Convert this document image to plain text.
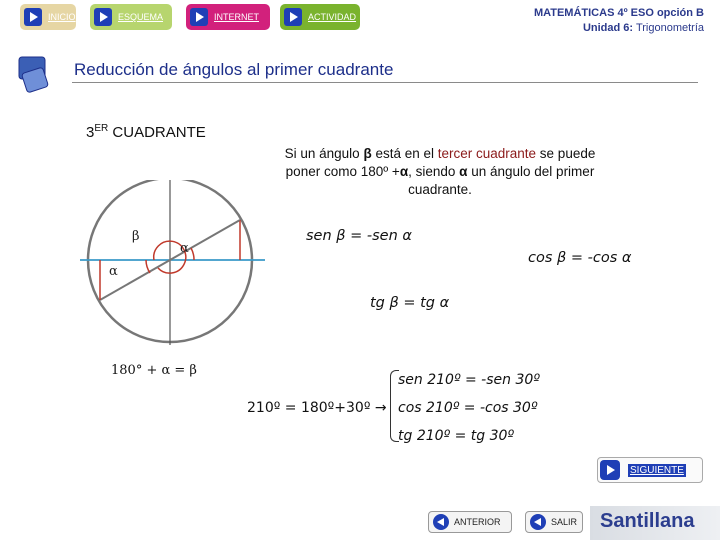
INICIO	ESQUEMA	INTERNET	ACTIVIDAD	MATEMÁTICAS 4º ESO opción B
Unidad 6: Trigonometría
Reducción de ángulos al primer cuadrante
3ER CUADRANTE
Si un ángulo β está en el tercer cuadrante se puede poner como 180º +α, siendo α un ángulo del primer cuadrante.
β
α
α
180° + α = β
sen β = -sen α
cos β = -cos α
tg β = tg α
210º = 180º+30º →
sen 210º = -sen 30º
cos 210º = -cos 30º
tg 210º = tg 30º
SIGUIENTE
ANTERIOR	SALIR Santillana
